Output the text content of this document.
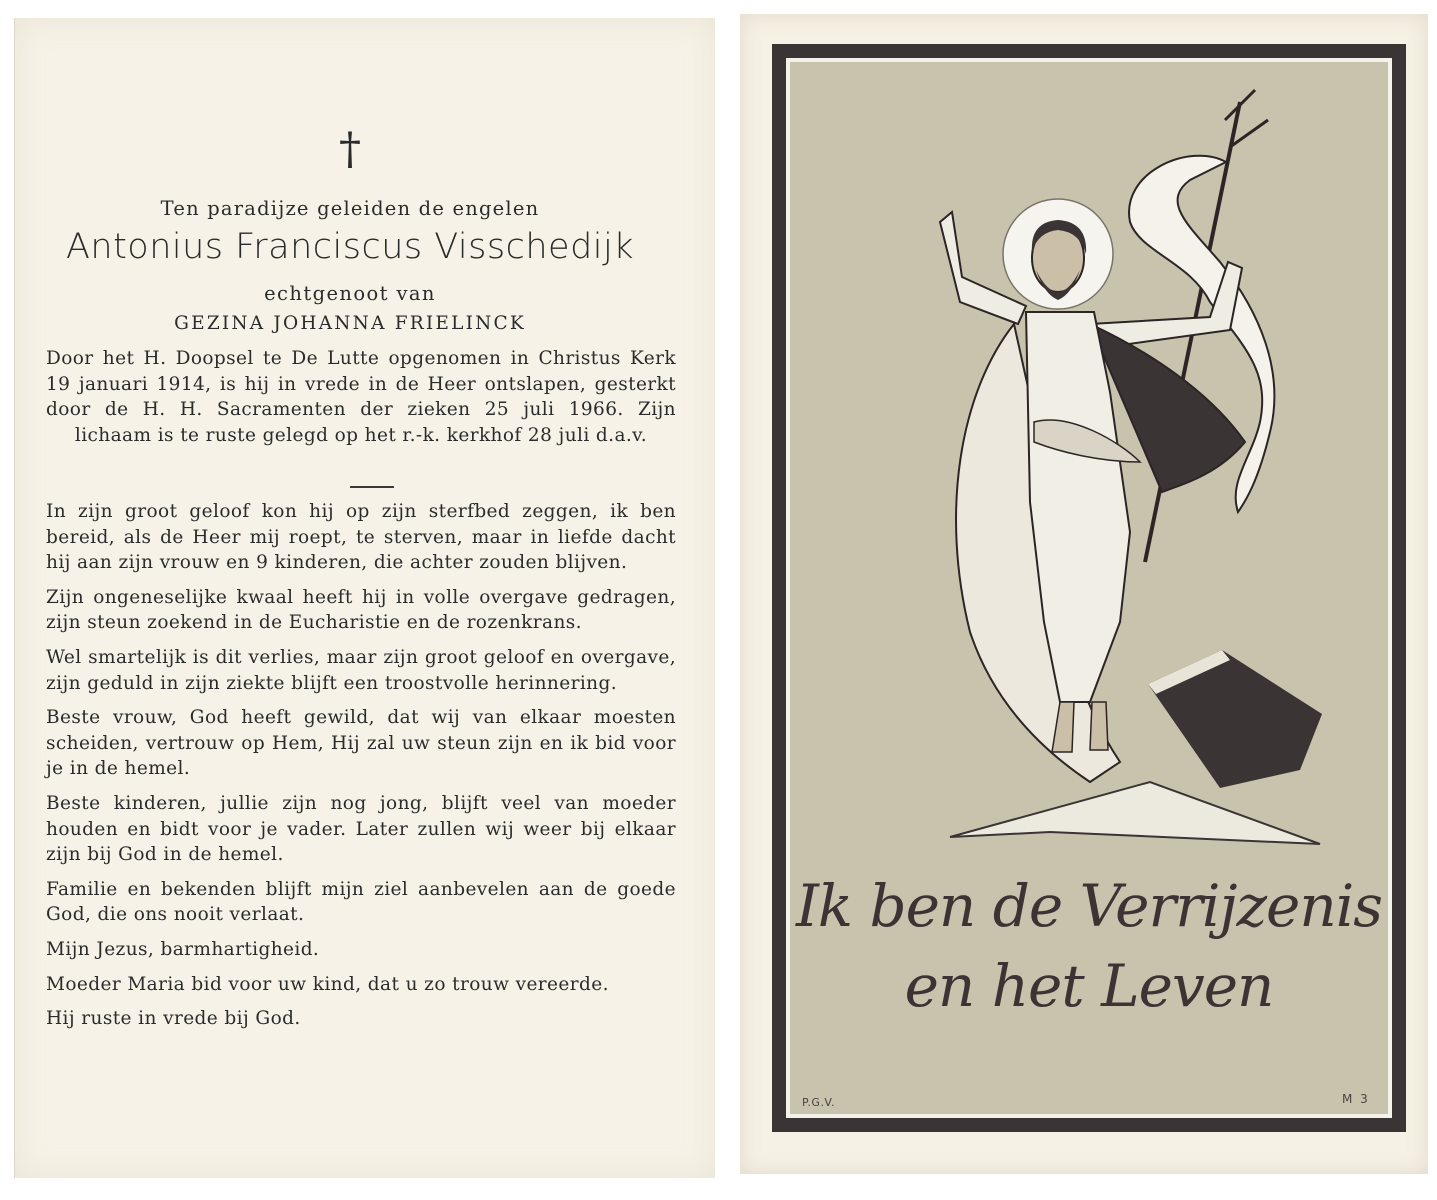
†
Ten paradijze geleiden de engelen
Antonius Franciscus Visschedijk
echtgenoot van
GEZINA JOHANNA FRIELINCK

Door het H. Doopsel te De Lutte opgenomen in Christus Kerk 19 januari 1914, is hij in vrede in de Heer ontslapen, gesterkt door de H. H. Sacramenten der zieken 25 juli 1966. Zijn lichaam is te ruste gelegd op het r.-k. kerkhof 28 juli d.a.v.

In zijn groot geloof kon hij op zijn sterfbed zeggen, ik ben bereid, als de Heer mij roept, te sterven, maar in liefde dacht hij aan zijn vrouw en 9 kinderen, die achter zouden blijven.

Zijn ongeneselijke kwaal heeft hij in volle overgave gedragen, zijn steun zoekend in de Eucharistie en de rozenkrans.

Wel smartelijk is dit verlies, maar zijn groot geloof en overgave, zijn geduld in zijn ziekte blijft een troostvolle herinnering.

Beste vrouw, God heeft gewild, dat wij van elkaar moesten scheiden, vertrouw op Hem, Hij zal uw steun zijn en ik bid voor je in de hemel.

Beste kinderen, jullie zijn nog jong, blijft veel van moeder houden en bidt voor je vader. Later zullen wij weer bij elkaar zijn bij God in de hemel.

Familie en bekenden blijft mijn ziel aanbevelen aan de goede God, die ons nooit verlaat.

Mijn Jezus, barmhartigheid.

Moeder Maria bid voor uw kind, dat u zo trouw vereerde.

Hij ruste in vrede bij God.

Ik ben de Verrijzenis
en het Leven
P.G.V.	M 3
